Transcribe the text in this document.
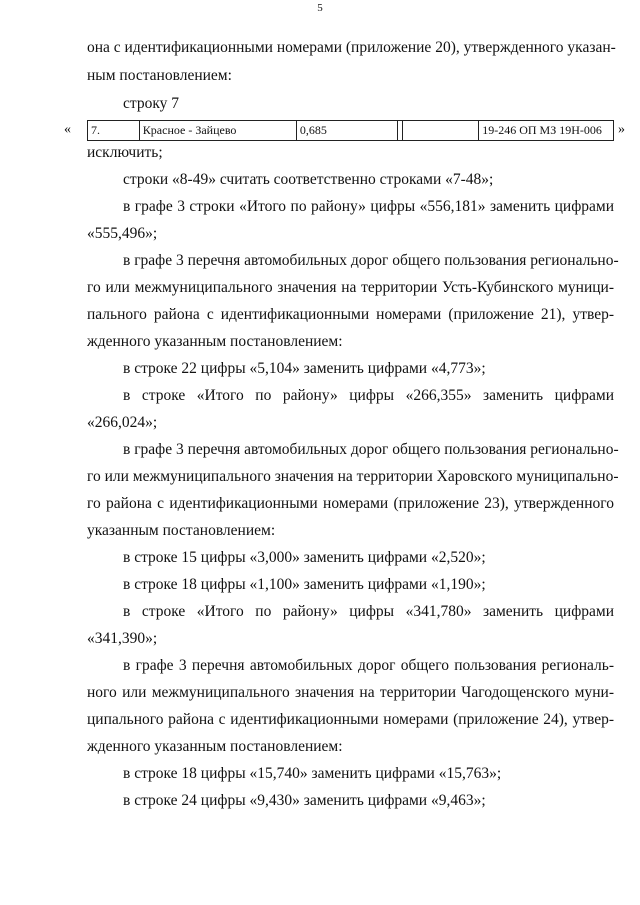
5
она с идентификационными номерами (приложение 20), утвержденного указан-
ным постановлением:
строку 7
« 7.	Красное - Зайцево	0,685			19-246 ОП МЗ 19Н-006 »
исключить;
строки «8-49» считать соответственно строками «7-48»;
в графе 3 строки «Итого по району» цифры «556,181» заменить цифрами
«555,496»;
в графе 3 перечня автомобильных дорог общего пользования регионально-
го или межмуниципального значения на территории Усть-Кубинского муници-
пального района с идентификационными номерами (приложение 21), утвер-
жденного указанным постановлением:
в строке 22 цифры «5,104» заменить цифрами «4,773»;
в строке «Итого по району» цифры «266,355» заменить цифрами
«266,024»;
в графе 3 перечня автомобильных дорог общего пользования регионально-
го или межмуниципального значения на территории Харовского муниципально-
го района с идентификационными номерами (приложение 23), утвержденного
указанным постановлением:
в строке 15 цифры «3,000» заменить цифрами «2,520»;
в строке 18 цифры «1,100» заменить цифрами «1,190»;
в строке «Итого по району» цифры «341,780» заменить цифрами
«341,390»;
в графе 3 перечня автомобильных дорог общего пользования региональ-
ного или межмуниципального значения на территории Чагодощенского муни-
ципального района с идентификационными номерами (приложение 24), утвер-
жденного указанным постановлением:
в строке 18 цифры «15,740» заменить цифрами «15,763»;
в строке 24 цифры «9,430» заменить цифрами «9,463»;
